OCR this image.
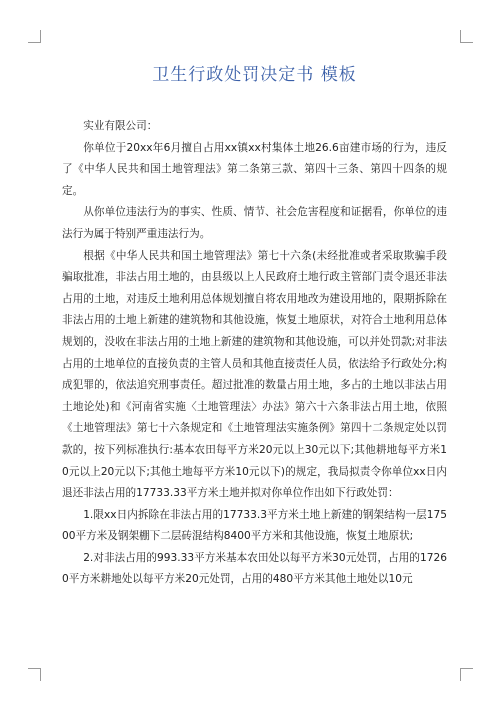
卫生行政处罚决定书 模板

实业有限公司：

你单位于20xx年6月擅自占用xx镇xx村集体土地26.6亩建市场的行为，违反了《中华人民共和国土地管理法》第二条第三款、第四十三条、第四十四条的规定。

从你单位违法行为的事实、性质、情节、社会危害程度和证据看，你单位的违法行为属于特别严重违法行为。

根据《中华人民共和国土地管理法》第七十六条(未经批准或者采取欺骗手段骗取批准，非法占用土地的，由县级以上人民政府土地行政主管部门责令退还非法占用的土地，对违反土地利用总体规划擅自将农用地改为建设用地的，限期拆除在非法占用的土地上新建的建筑物和其他设施，恢复土地原状，对符合土地利用总体规划的，没收在非法占用的土地上新建的建筑物和其他设施，可以并处罚款;对非法占用的土地单位的直接负责的主管人员和其他直接责任人员，依法给予行政处分;构成犯罪的，依法追究刑事责任。超过批准的数量占用土地，多占的土地以非法占用土地论处)和《河南省实施〈土地管理法〉办法》第六十六条非法占用土地，依照《土地管理法》第七十六条规定和《土地管理法实施条例》第四十二条规定处以罚款的，按下列标准执行:基本农田每平方米20元以上30元以下;其他耕地每平方米10元以上20元以下;其他土地每平方米10元以下)的规定，我局拟责令你单位xx日内退还非法占用的17733.33平方米土地并拟对你单位作出如下行政处罚：

1.限xx日内拆除在非法占用的17733.3平方米土地上新建的钢架结构一层17500平方米及钢架棚下二层砖混结构8400平方米和其他设施，恢复土地原状;

2.对非法占用的993.33平方米基本农田处以每平方米30元处罚，占用的17260平方米耕地处以每平方米20元处罚，占用的480平方米其他土地处以10元
